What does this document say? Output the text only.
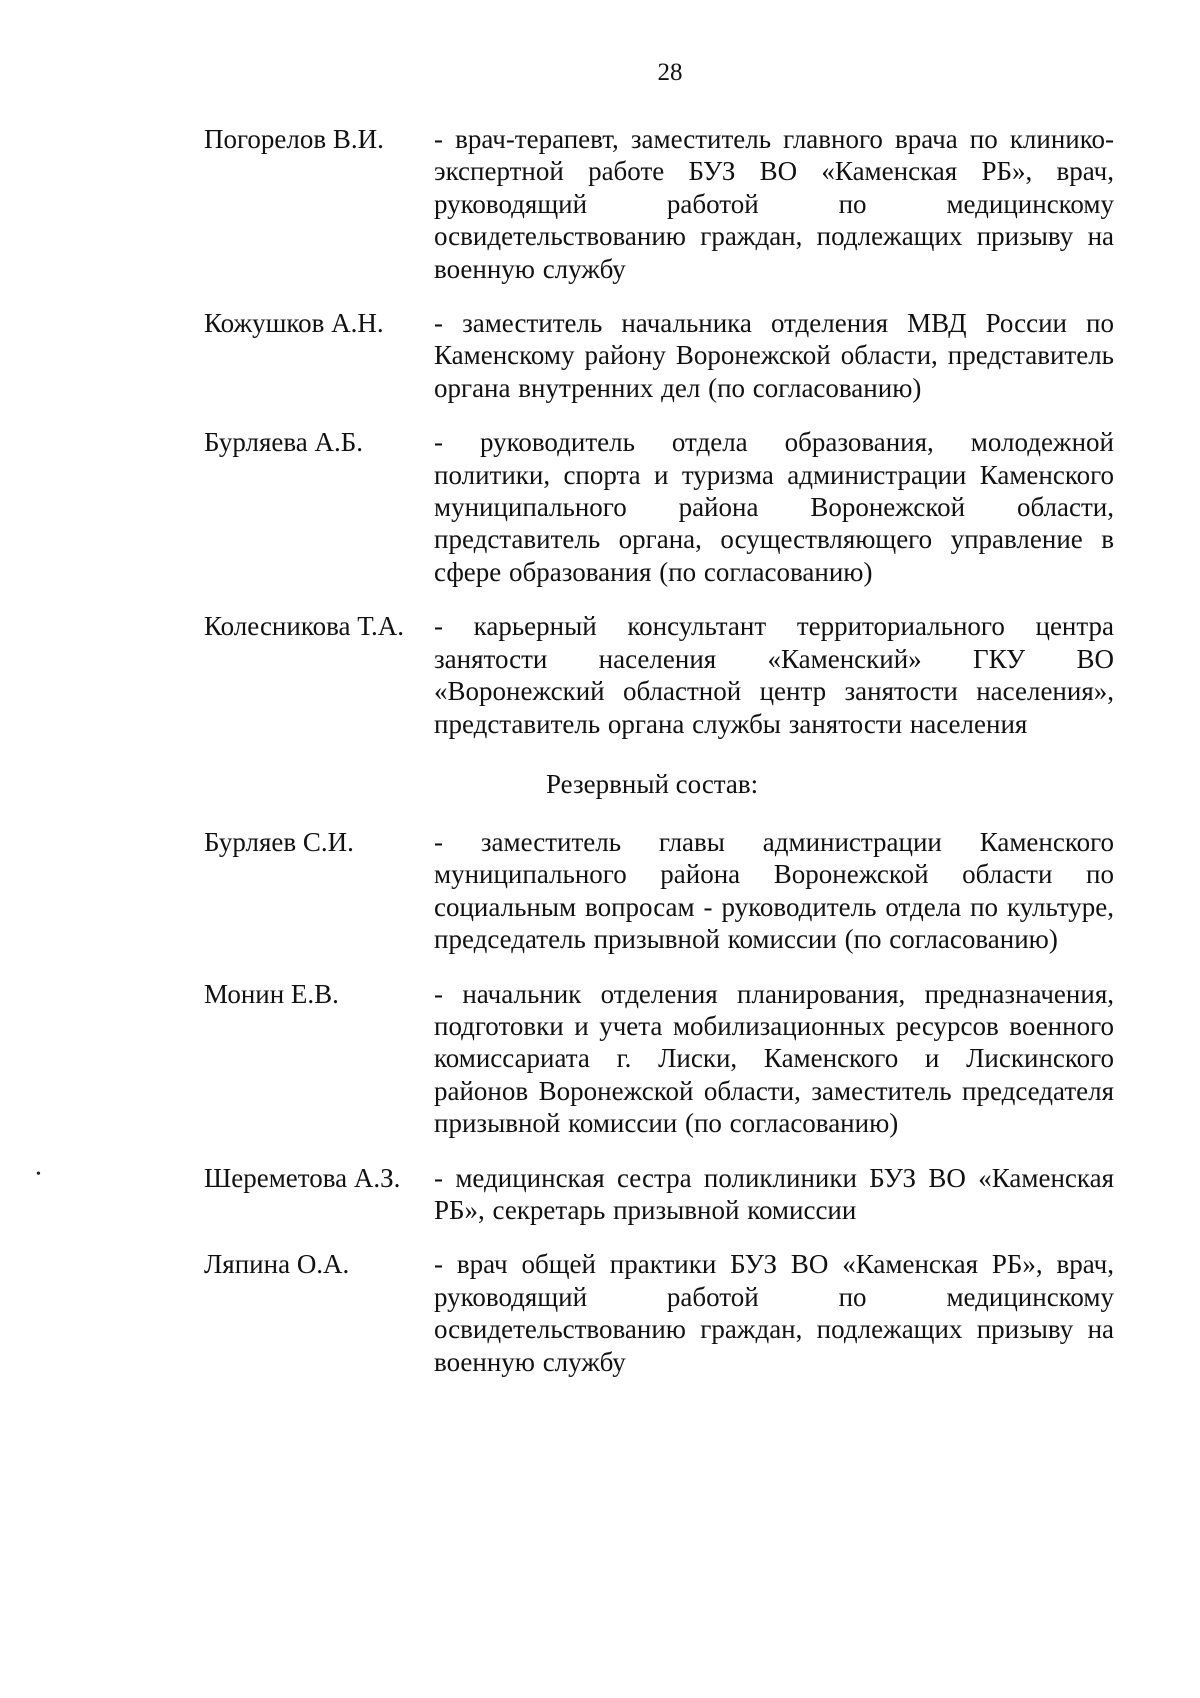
28
Погорелов В.И.	- врач-терапевт, заместитель главного врача по клинико-экспертной работе БУЗ ВО «Каменская РБ», врач, руководящий работой по медицинскому освидетельствованию граждан, подлежащих призыву на военную службу
Кожушков А.Н.	- заместитель начальника отделения МВД России по Каменскому району Воронежской области, представитель органа внутренних дел (по согласованию)
Бурляева А.Б.	- руководитель отдела образования, молодежной политики, спорта и туризма администрации Каменского муниципального района Воронежской области, представитель органа, осуществляющего управление в сфере образования (по согласованию)
Колесникова Т.А.	- карьерный консультант территориального центра занятости населения «Каменский» ГКУ ВО «Воронежский областной центр занятости населения», представитель органа службы занятости населения
Резервный состав:
Бурляев С.И.	- заместитель главы администрации Каменского муниципального района Воронежской области по социальным вопросам - руководитель отдела по культуре, председатель призывной комиссии (по согласованию)
Монин Е.В.	- начальник отделения планирования, предназначения, подготовки и учета мобилизационных ресурсов военного комиссариата г. Лиски, Каменского и Лискинского районов Воронежской области, заместитель председателя призывной комиссии (по согласованию)
Шереметова А.З.	- медицинская сестра поликлиники БУЗ ВО «Каменская РБ», секретарь призывной комиссии
Ляпина О.А.	- врач общей практики БУЗ ВО «Каменская РБ», врач, руководящий работой по медицинскому освидетельствованию граждан, подлежащих призыву на военную службу
•
